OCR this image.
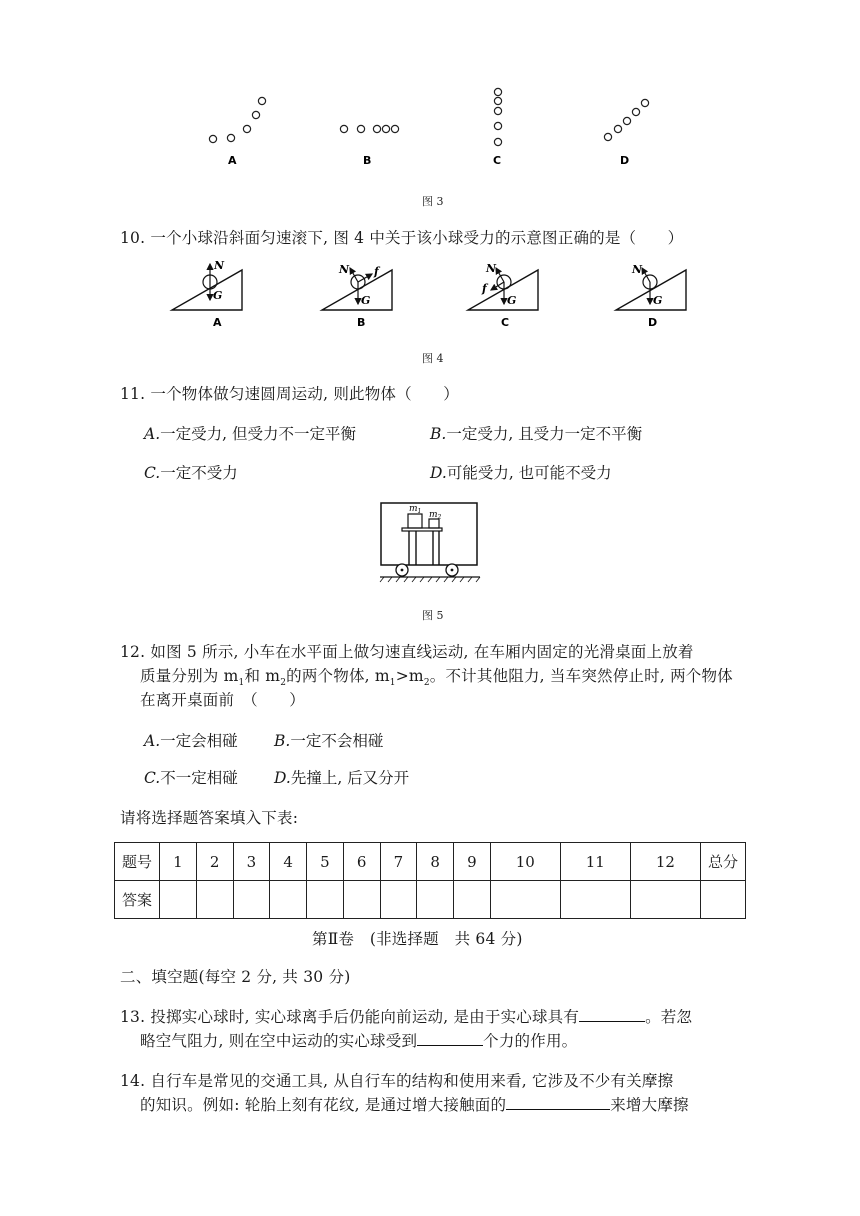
A	B	C	D
图 3
10. 一个小球沿斜面匀速滚下, 图 4 中关于该小球受力的示意图正确的是（　　）
N
G
A
N f
G
B
N
f
G
C
N
G
D
图 4
11. 一个物体做匀速圆周运动, 则此物体（　　）
A.一定受力, 但受力不一定平衡	B.一定受力, 且受力一定不平衡
C.一定不受力	D.可能受力, 也可能不受力
$m_1$ $m_2$
图 5
12. 如图 5 所示, 小车在水平面上做匀速直线运动, 在车厢内固定的光滑桌面上放着
质量分别为 $m_1$和 $m_2$的两个物体, $m_1>m_2$。不计其他阻力, 当车突然停止时, 两个物体
在离开桌面前　（　　）
A.一定会相碰 B.一定不会相碰
C.不一定相碰 D.先撞上, 后又分开
请将选择题答案填入下表:
题号	1	2	3	4	5	6	7	8	9	10	11	12	总分
答案													
第Ⅱ卷　(非选择题　共 64 分)
二、填空题(每空 2 分, 共 30 分)
13. 投掷实心球时, 实心球离手后仍能向前运动, 是由于实心球具有	。若忽
略空气阻力, 则在空中运动的实心球受到	个力的作用。
14. 自行车是常见的交通工具, 从自行车的结构和使用来看, 它涉及不少有关摩擦
的知识。例如: 轮胎上刻有花纹, 是通过增大接触面的	来增大摩擦
